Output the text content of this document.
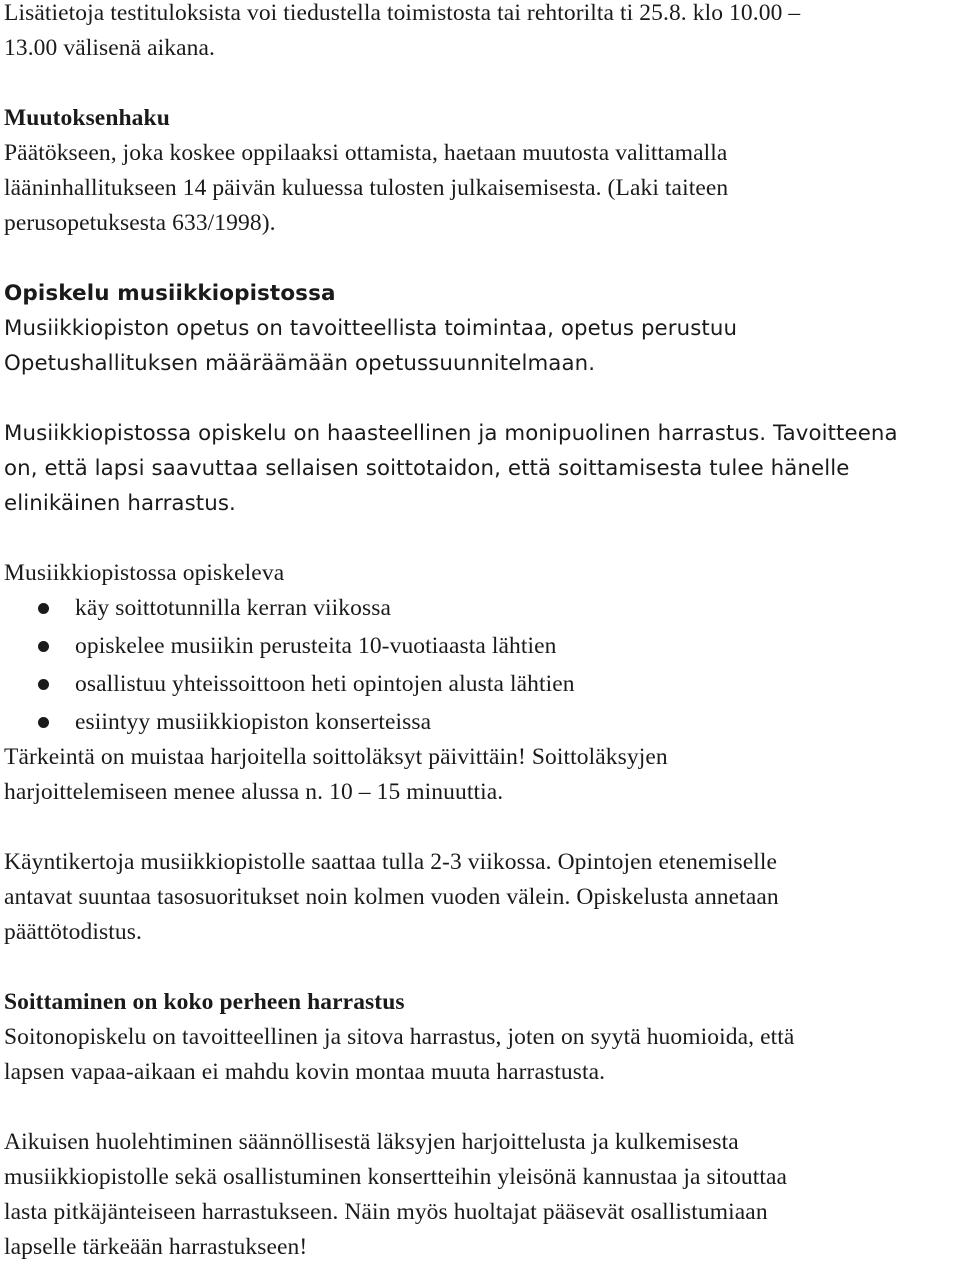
Lisätietoja testituloksista voi tiedustella toimistosta tai rehtorilta ti 25.8. klo 10.00 –

13.00 välisenä aikana.

Muutoksenhaku

Päätökseen, joka koskee oppilaaksi ottamista, haetaan muutosta valittamalla

lääninhallitukseen 14 päivän kuluessa tulosten julkaisemisesta. (Laki taiteen

perusopetuksesta 633/1998).

Opiskelu musiikkiopistossa

Musiikkiopiston opetus on tavoitteellista toimintaa, opetus perustuu

Opetushallituksen määräämään opetussuunnitelmaan.

Musiikkiopistossa opiskelu on haasteellinen ja monipuolinen harrastus. Tavoitteena

on, että lapsi saavuttaa sellaisen soittotaidon, että soittamisesta tulee hänelle

elinikäinen harrastus.

Musiikkiopistossa opiskeleva

käy soittotunnilla kerran viikossa
opiskelee musiikin perusteita 10-vuotiaasta lähtien
osallistuu yhteissoittoon heti opintojen alusta lähtien
esiintyy musiikkiopiston konserteissa

Tärkeintä on muistaa harjoitella soittoläksyt päivittäin! Soittoläksyjen

harjoittelemiseen menee alussa n. 10 – 15 minuuttia.

Käyntikertoja musiikkiopistolle saattaa tulla 2-3 viikossa. Opintojen etenemiselle

antavat suuntaa tasosuoritukset noin kolmen vuoden välein. Opiskelusta annetaan

päättötodistus.

Soittaminen on koko perheen harrastus

Soitonopiskelu on tavoitteellinen ja sitova harrastus, joten on syytä huomioida, että

lapsen vapaa-aikaan ei mahdu kovin montaa muuta harrastusta.

Aikuisen huolehtiminen säännöllisestä läksyjen harjoittelusta ja kulkemisesta

musiikkiopistolle sekä osallistuminen konsertteihin yleisönä kannustaa ja sitouttaa

lasta pitkäjänteiseen harrastukseen. Näin myös huoltajat pääsevät osallistumiaan

lapselle tärkeään harrastukseen!
